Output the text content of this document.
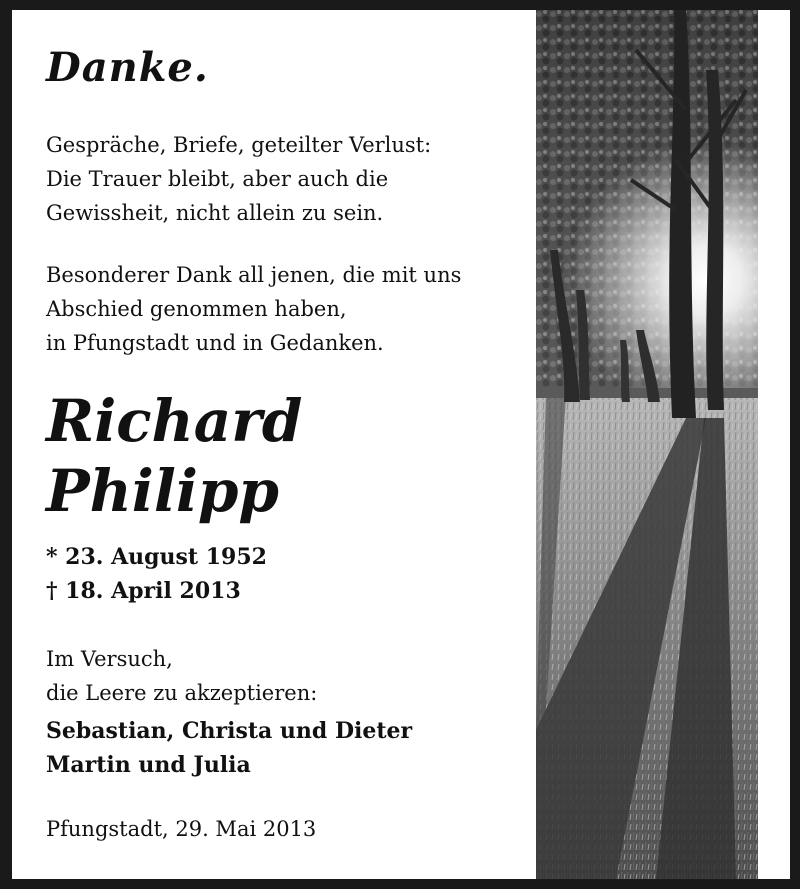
Danke.

Gespräche, Briefe, geteilter Verlust:
Die Trauer bleibt, aber auch die
Gewissheit, nicht allein zu sein.

Besonderer Dank all jenen, die mit uns
Abschied genommen haben,
in Pfungstadt und in Gedanken.

Richard
Philipp
* 23. August 1952
† 18. April 2013

Im Versuch,
die Leere zu akzeptieren:

Sebastian, Christa und Dieter
Martin und Julia
Pfungstadt, 29. Mai 2013
